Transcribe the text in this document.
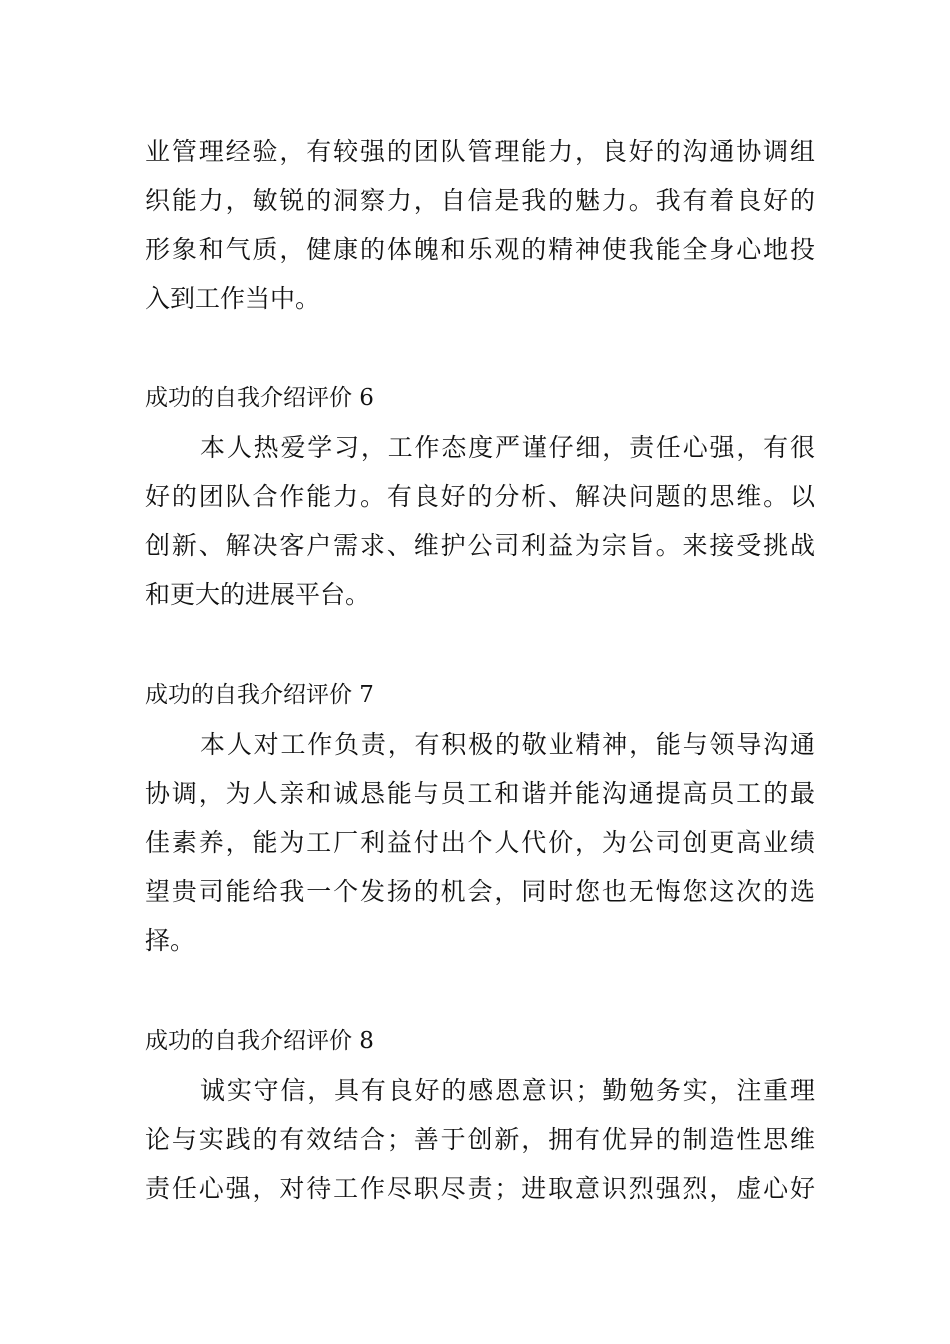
业管理经验，有较强的团队管理能力，良好的沟通协调组
织能力，敏锐的洞察力，自信是我的魅力。我有着良好的
形象和气质，健康的体魄和乐观的精神使我能全身心地投
入到工作当中。
成功的自我介绍评价 6
本人热爱学习，工作态度严谨仔细，责任心强，有很
好的团队合作能力。有良好的分析、解决问题的思维。以
创新、解决客户需求、维护公司利益为宗旨。来接受挑战
和更大的进展平台。
成功的自我介绍评价 7
本人对工作负责，有积极的敬业精神，能与领导沟通
协调，为人亲和诚恳能与员工和谐并能沟通提高员工的最
佳素养，能为工厂利益付出个人代价，为公司创更高业绩
望贵司能给我一个发扬的机会，同时您也无悔您这次的选
择。
成功的自我介绍评价 8
诚实守信，具有良好的感恩意识；勤勉务实，注重理
论与实践的有效结合；善于创新，拥有优异的制造性思维
责任心强，对待工作尽职尽责；进取意识烈强烈，虚心好
